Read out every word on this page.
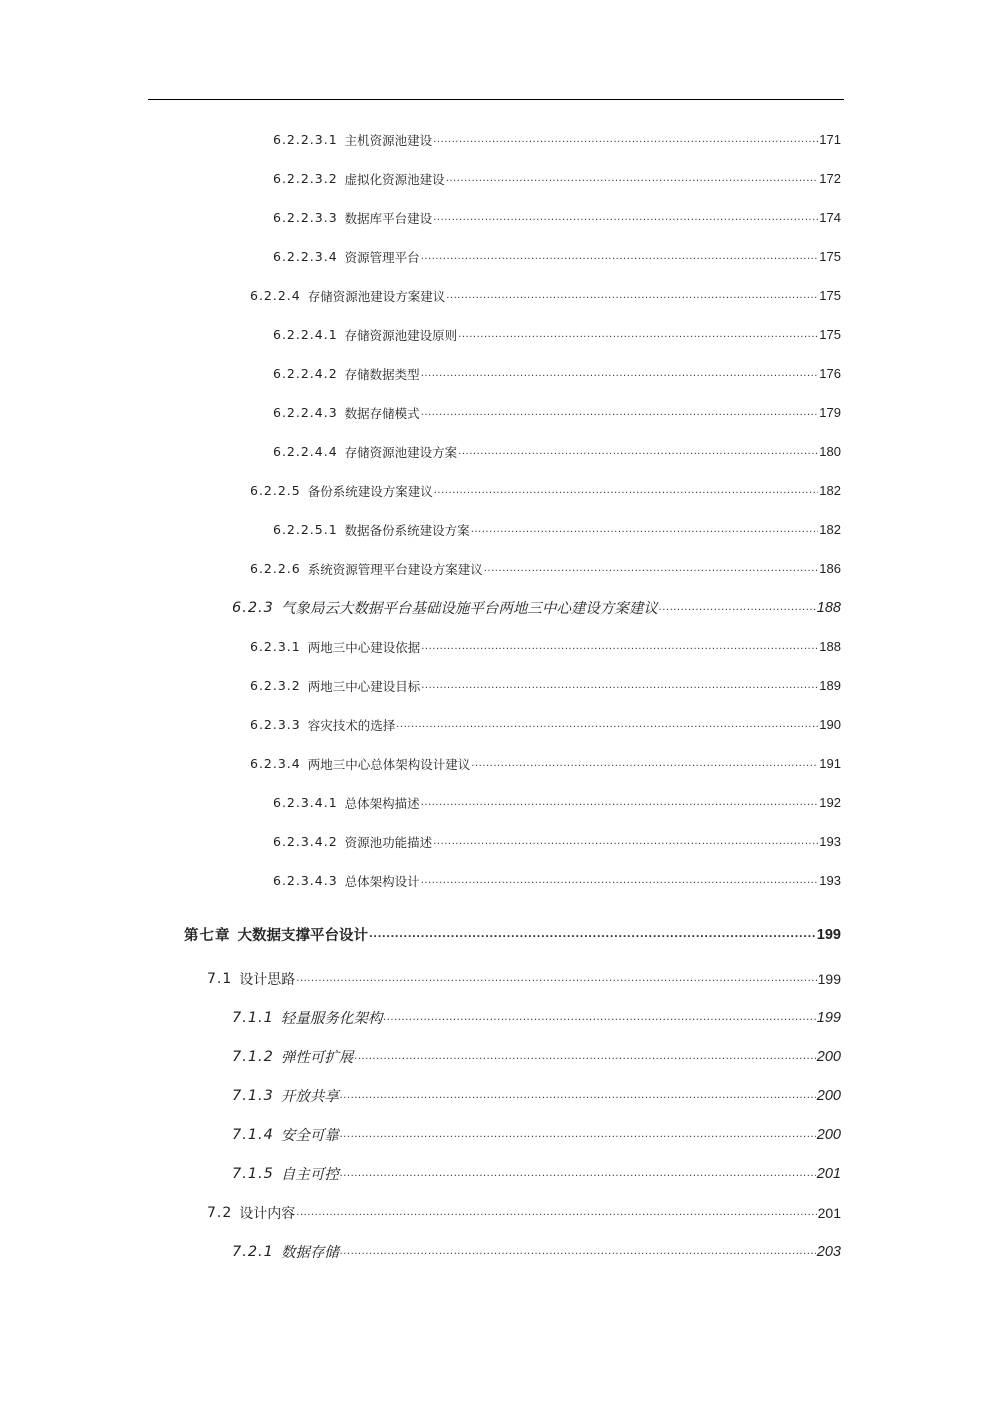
6.2.2.3.1 主机资源池建设 .....	171
6.2.2.3.2 虚拟化资源池建设 .....	172
6.2.2.3.3 数据库平台建设 .....	174
6.2.2.3.4 资源管理平台 .....	175
6.2.2.4 存储资源池建设方案建议 .....	175
6.2.2.4.1 存储资源池建设原则 .....	175
6.2.2.4.2 存储数据类型 .....	176
6.2.2.4.3 数据存储模式 .....	179
6.2.2.4.4 存储资源池建设方案 .....	180
6.2.2.5 备份系统建设方案建议 .....	182
6.2.2.5.1 数据备份系统建设方案 .....	182
6.2.2.6 系统资源管理平台建设方案建议 .....	186
6.2.3 气象局云大数据平台基础设施平台两地三中心建设方案建议 .....	188
6.2.3.1 两地三中心建设依据 .....	188
6.2.3.2 两地三中心建设目标 .....	189
6.2.3.3 容灾技术的选择 .....	190
6.2.3.4 两地三中心总体架构设计建议 .....	191
6.2.3.4.1 总体架构描述 .....	192
6.2.3.4.2 资源池功能描述 .....	193
6.2.3.4.3 总体架构设计 .....	193
第七章 大数据支撑平台设计 .....	199
7.1 设计思路 .....	199
7.1.1 轻量服务化架构 .....	199
7.1.2 弹性可扩展 .....	200
7.1.3 开放共享 .....	200
7.1.4 安全可靠 .....	200
7.1.5 自主可控 .....	201
7.2 设计内容 .....	201
7.2.1 数据存储 .....	203
